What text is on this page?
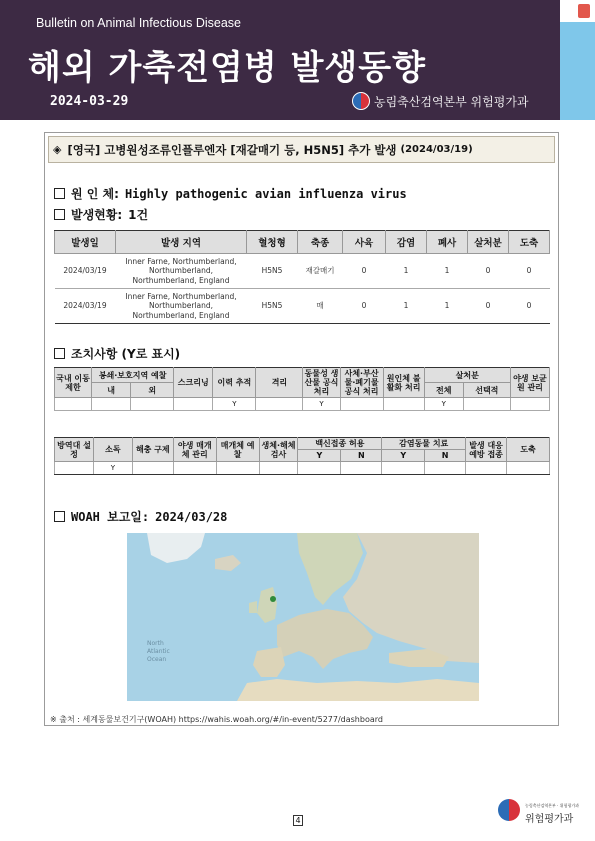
Bulletin on Animal Infectious Disease
해외 가축전염병 발생동향
2024-03-29	농림축산검역본부 위험평가과
◈ [영국] 고병원성조류인플루엔자 [재갈매기 등, H5N5] 추가 발생 (2024/03/19)
원 인 체: Highly pathogenic avian influenza virus
발생현황: 1건
발생일	발생 지역	혈청형	축종	사육	감염	폐사	살처분	도축
2024/03/19	Inner Farne, Northumberland, Northumberland, Northumberland, England	H5N5	재갈매기	0	1	1	0	0
2024/03/19	Inner Farne, Northumberland, Northumberland, Northumberland, England	H5N5	매	0	1	1	0	0
조치사항 (Y로 표시)
국내 이동 제한	봉쇄·보호지역 예찰		스크리닝	이력 추적	격리	동물성 생산물 공식 처리	사체·부산물·폐기물 공식 처리	원인체 불활화 처리	살처분		야생 보균원 관리
	내	외							전체	선택적	
				Y		Y			Y		
방역대 설정	소독	해충 구제	야생 매개체 관리	매개체 예찰	생체·해체 검사	백신접종 허용		감염동물 치료		발생 대응 예방 접종	도축
						Y	N	Y	N		
	Y										
WOAH 보고일: 2024/03/28
North
Atlantic
Ocean
※ 출처 : 세계동물보건기구(WOAH) https://wahis.woah.org/#/in-event/5277/dashboard
4
농림축산검역본부 · 위험평가과
위험평가과
